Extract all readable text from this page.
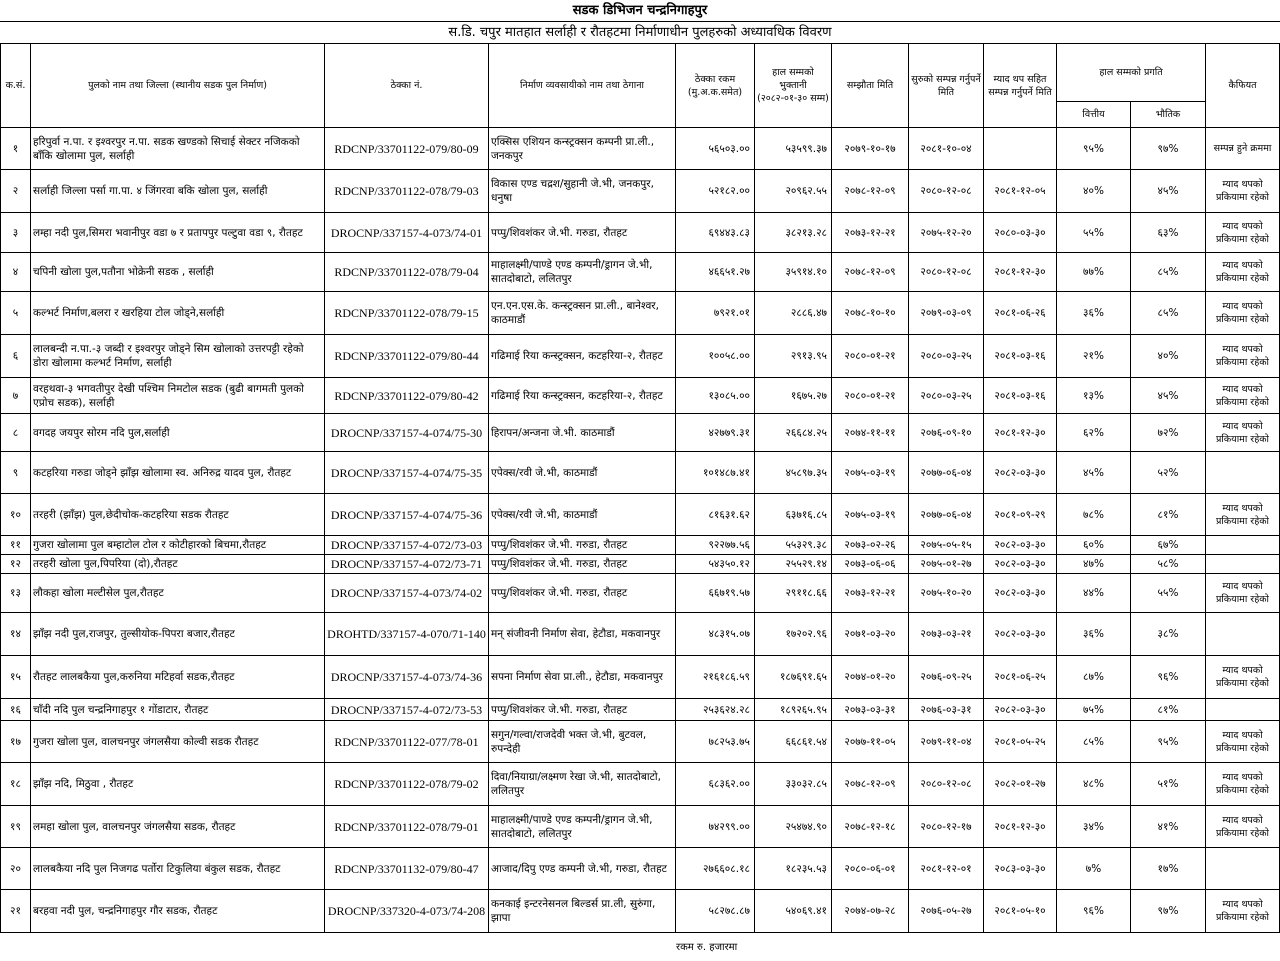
सडक डिभिजन चन्द्रनिगाहपुर
स.डि. चपुर मातहात सर्लाही र रौतहटमा निर्माणाधीन पुलहरुको अध्यावधिक विवरण
क.सं.	पुलको नाम तथा जिल्ला (स्थानीय सडक पुल निर्माण)	ठेक्का नं.	निर्माण व्यवसायीको नाम तथा ठेगाना	ठेक्का रकम (मु.अ.क.समेत)	हाल सम्मको भुक्तानी (२०८२-०१-३० सम्म)	सम्झौता मिति	सुरुको सम्पन्न गर्नुपर्ने मिति	म्याद थप सहित सम्पन्न गर्नुपर्ने मिति	हाल सम्मको प्रगति		कैफियत
									वित्तीय	भौतिक	
१	हरिपुर्वा न.पा. र इश्वरपुर न.पा. सडक खण्डको सिचाई सेक्टर नजिकको बाँकि खोलामा पुल, सर्लाही	RDCNP/33701122-079/80-09	एक्सिस एशियन कन्स्ट्रक्सन कम्पनी प्रा.ली., जनकपुर	५६५०३.००	५३५९९.३७	२०७९-१०-१७	२०८१-१०-०४		९५%	९७%	सम्पन्न हुने क्रममा
२	सर्लाही जिल्ला पर्सा गा.पा. ४ जिंगरवा बकि खोला पुल, सर्लाही	RDCNP/33701122-078/79-03	विकास एण्ड चद्रश/सुहानी जे.भी, जनकपुर, धनुषा	५२१८२.००	२०९६२.५५	२०७८-१२-०९	२०८०-१२-०८	२०८१-१२-०५	४०%	४५%	म्याद थपको प्रकियामा रहेको
३	लम्हा नदी पुल,सिमरा भवानीपुर वडा ७ र प्रतापपुर पल्टुवा वडा ९, रौतहट	DROCNP/337157-4-073/74-01	पप्पु/शिवशंकर जे.भी. गरुडा, रौतहट	६९४४३.८३	३८२१३.२८	२०७३-१२-२१	२०७५-१२-२०	२०८०-०३-३०	५५%	६३%	म्याद थपको प्रकियामा रहेको
४	चपिनी खोला पुल,पतौना भोक्रेनी सडक , सर्लाही	RDCNP/33701122-078/79-04	माहालक्ष्मी/पाण्डे एण्ड कम्पनी/ड्रागन जे.भी, सातदोबाटो, ललितपुर	४६६५१.२७	३५९१४.१०	२०७८-१२-०९	२०८०-१२-०८	२०८१-१२-३०	७७%	८५%	म्याद थपको प्रकियामा रहेको
५	कल्भर्ट निर्माण,बलरा र खरहिया टोल जोड्ने,सर्लाही	RDCNP/33701122-078/79-15	एन.एन.एस.के. कन्स्ट्रक्सन प्रा.ली., बानेश्वर, काठमाडौं	७९२१.०१	२८८६.४७	२०७८-१०-१०	२०७९-०३-०९	२०८१-०६-२६	३६%	८५%	म्याद थपको प्रकियामा रहेको
६	लालबन्दी न.पा.-३ जब्दी र इश्वरपुर जोड्ने सिम खोलाको उत्तरपट्टी रहेको डोरा खोलामा कल्भर्ट निर्माण, सर्लाही	RDCNP/33701122-079/80-44	गढिमाई रिया कन्स्ट्रक्सन, कटहरिया-२, रौतहट	१००५८.००	२९१३.९५	२०८०-०१-२१	२०८०-०३-२५	२०८१-०३-१६	२१%	४०%	म्याद थपको प्रकियामा रहेको
७	वरहथवा-३ भगवतीपुर देखी पश्चिम निमटोल सडक (बुढी बागमती पुलको एप्रोच सडक), सर्लाही	RDCNP/33701122-079/80-42	गढिमाई रिया कन्स्ट्रक्सन, कटहरिया-२, रौतहट	१३०८५.००	१६७५.२७	२०८०-०१-२१	२०८०-०३-२५	२०८१-०३-१६	१३%	४५%	म्याद थपको प्रकियामा रहेको
८	वगदह जयपुर सोरम नदि पुल,सर्लाही	DROCNP/337157-4-074/75-30	हिरापन/अन्जना जे.भी. काठमाडौं	४२७७९.३१	२६६८४.२५	२०७४-११-११	२०७६-०९-१०	२०८१-१२-३०	६२%	७२%	म्याद थपको प्रकियामा रहेको
९	कटहरिया गरुडा जोड्ने झाँझ खोलामा स्व. अनिरुद्र यादव पुल, रौतहट	DROCNP/337157-4-074/75-35	एपेक्स/रवी जे.भी, काठमाडौं	१०१४८७.४१	४५८९७.३५	२०७५-०३-१९	२०७७-०६-०४	२०८२-०३-३०	४५%	५२%	
१०	तरहरी (झाँझ) पुल,छेदीचोक-कटहरिया सडक रौतहट	DROCNP/337157-4-074/75-36	एपेक्स/रवी जे.भी, काठमाडौं	८१६३१.६२	६३७१६.८५	२०७५-०३-१९	२०७७-०६-०४	२०८१-०९-२९	७८%	८१%	म्याद थपको प्रकियामा रहेको
११	गुजरा खोलामा पुल बम्हाटोल टोल र कोटीहारको बिचमा,रौतहट	DROCNP/337157-4-072/73-03	पप्पु/शिवशंकर जे.भी. गरुडा, रौतहट	९२२७७.५६	५५३२९.३८	२०७३-०२-२६	२०७५-०५-१५	२०८२-०३-३०	६०%	६७%	
१२	तरहरी खोला पुल,पिपरिया (दो),रौतहट	DROCNP/337157-4-072/73-71	पप्पु/शिवशंकर जे.भी. गरुडा, रौतहट	५४३५०.१२	२५५२९.१४	२०७३-०६-०६	२०७५-०१-२७	२०८२-०३-३०	४७%	५८%	
१३	लौकहा खोला मल्टीसेल पुल,रौतहट	DROCNP/337157-4-073/74-02	पप्पु/शिवशंकर जे.भी. गरुडा, रौतहट	६६७१९.५७	२९११८.६६	२०७३-१२-२१	२०७५-१०-२०	२०८२-०३-३०	४४%	५५%	म्याद थपको प्रकियामा रहेको
१४	झाँझ नदी पुल,राजपुर, तुल्सीयोक-पिपरा बजार,रौतहट	DROHTD/337157-4-070/71-140	मन् संजीवनी निर्माण सेवा, हेटौडा, मकवानपुर	४८३१५.०७	१७२०२.९६	२०७१-०३-२०	२०७३-०३-२१	२०८२-०३-३०	३६%	३८%	
१५	रौतहट लालबकैया पुल,करुनिया मटिहर्वा सडक,रौतहट	DROCNP/337157-4-073/74-36	सपना निर्माण सेवा प्रा.ली., हेटौडा, मकवानपुर	२१६१८६.५९	१८७६९१.६५	२०७४-०१-२०	२०७६-०९-२५	२०८१-०६-२५	८७%	९६%	म्याद थपको प्रकियामा रहेको
१६	चाँदी नदि पुल चन्द्रनिगाहपुर १ गोंडाटार, रौतहट	DROCNP/337157-4-072/73-53	पप्पु/शिवशंकर जे.भी. गरुडा, रौतहट	२५३६२४.२८	१८९२६५.९५	२०७३-०३-३१	२०७६-०३-३१	२०८२-०३-३०	७५%	८१%	
१७	गुजरा खोला पुल, वालचनपुर जंगलसैया कोल्वी सडक रौतहट	RDCNP/33701122-077/78-01	सगुन/गल्वा/राजदेवी भक्त जे.भी, बुटवल, रुपन्देही	७८२५३.७५	६६८६१.५४	२०७७-११-०५	२०७९-११-०४	२०८१-०५-२५	८५%	९५%	म्याद थपको प्रकियामा रहेको
१८	झाँझ नदि, मिठुवा , रौतहट	RDCNP/33701122-078/79-02	दिवा/नियाग्रा/लक्ष्मण रेखा जे.भी, सातदोबाटो, ललितपुर	६८३६२.००	३३०३२.८५	२०७८-१२-०९	२०८०-१२-०८	२०८२-०१-२७	४८%	५१%	म्याद थपको प्रकियामा रहेको
१९	लमहा खोला पुल, वालचनपुर जंगलसैया सडक, रौतहट	RDCNP/33701122-078/79-01	माहालक्ष्मी/पाण्डे एण्ड कम्पनी/ड्रागन जे.भी, सातदोबाटो, ललितपुर	७४२९९.००	२५४७४.९०	२०७८-१२-१८	२०८०-१२-१७	२०८१-१२-३०	३४%	४१%	म्याद थपको प्रकियामा रहेको
२०	लालबकैया नदि पुल निजगढ पर्तोरा टिकुलिया बंकुल सडक, रौतहट	RDCNP/33701132-079/80-47	आजाद/दिपु एण्ड कम्पनी जे.भी, गरुडा, रौतहट	२७६६०८.१८	१८२३५.५३	२०८०-०६-०१	२०८१-१२-०१	२०८३-०३-३०	७%	१७%	
२१	बरहवा नदी पुल, चन्द्रनिगाहपुर गौर सडक, रौतहट	DROCNP/337320-4-073/74-208	कनकाई इन्टरनेसनल बिल्डर्स प्रा.ली, सुरुंगा, झापा	५८२७८.८७	५४०६९.४१	२०७४-०७-२८	२०७६-०५-२७	२०८१-०५-१०	९६%	९७%	म्याद थपको प्रकियामा रहेको
रकम रु. हजारमा
